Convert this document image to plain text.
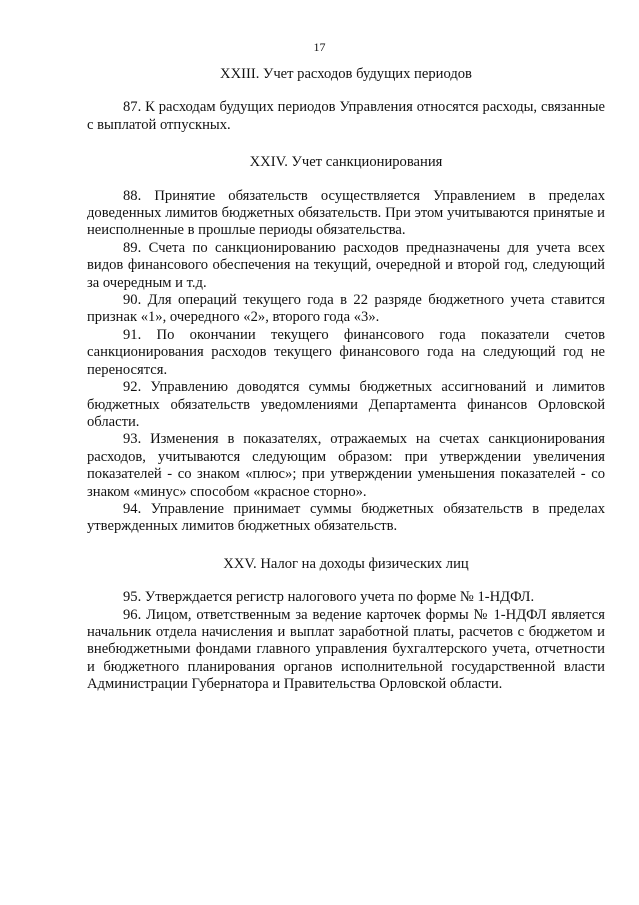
17
XXIII. Учет расходов будущих периодов

87. К расходам будущих периодов Управления относятся расходы, связанные с выплатой отпускных.

XXIV. Учет санкционирования

88. Принятие обязательств осуществляется Управлением в пределах доведенных лимитов бюджетных обязательств. При этом учитываются принятые и неисполненные в прошлые периоды обязательства.

89. Счета по санкционированию расходов предназначены для учета всех видов финансового обеспечения на текущий, очередной и второй год, следующий за очередным и т.д.

90. Для операций текущего года в 22 разряде бюджетного учета ставится признак «1», очередного «2», второго года «3».

91. По окончании текущего финансового года показатели счетов санкционирования расходов текущего финансового года на следующий год не переносятся.

92. Управлению доводятся суммы бюджетных ассигнований и лимитов бюджетных обязательств уведомлениями Департамента финансов Орловской области.

93. Изменения в показателях, отражаемых на счетах санкционирования расходов, учитываются следующим образом: при утверждении увеличения показателей - со знаком «плюс»; при утверждении уменьшения показателей - со знаком «минус» способом «красное сторно».

94. Управление принимает суммы бюджетных обязательств в пределах утвержденных лимитов бюджетных обязательств.

XXV. Налог на доходы физических лиц

95. Утверждается регистр налогового учета по форме № 1-НДФЛ.

96. Лицом, ответственным за ведение карточек формы № 1-НДФЛ является начальник отдела начисления и выплат заработной платы, расчетов с бюджетом и внебюджетными фондами главного управления бухгалтерского учета, отчетности и бюджетного планирования органов исполнительной государственной власти Администрации Губернатора и Правительства Орловской области.
